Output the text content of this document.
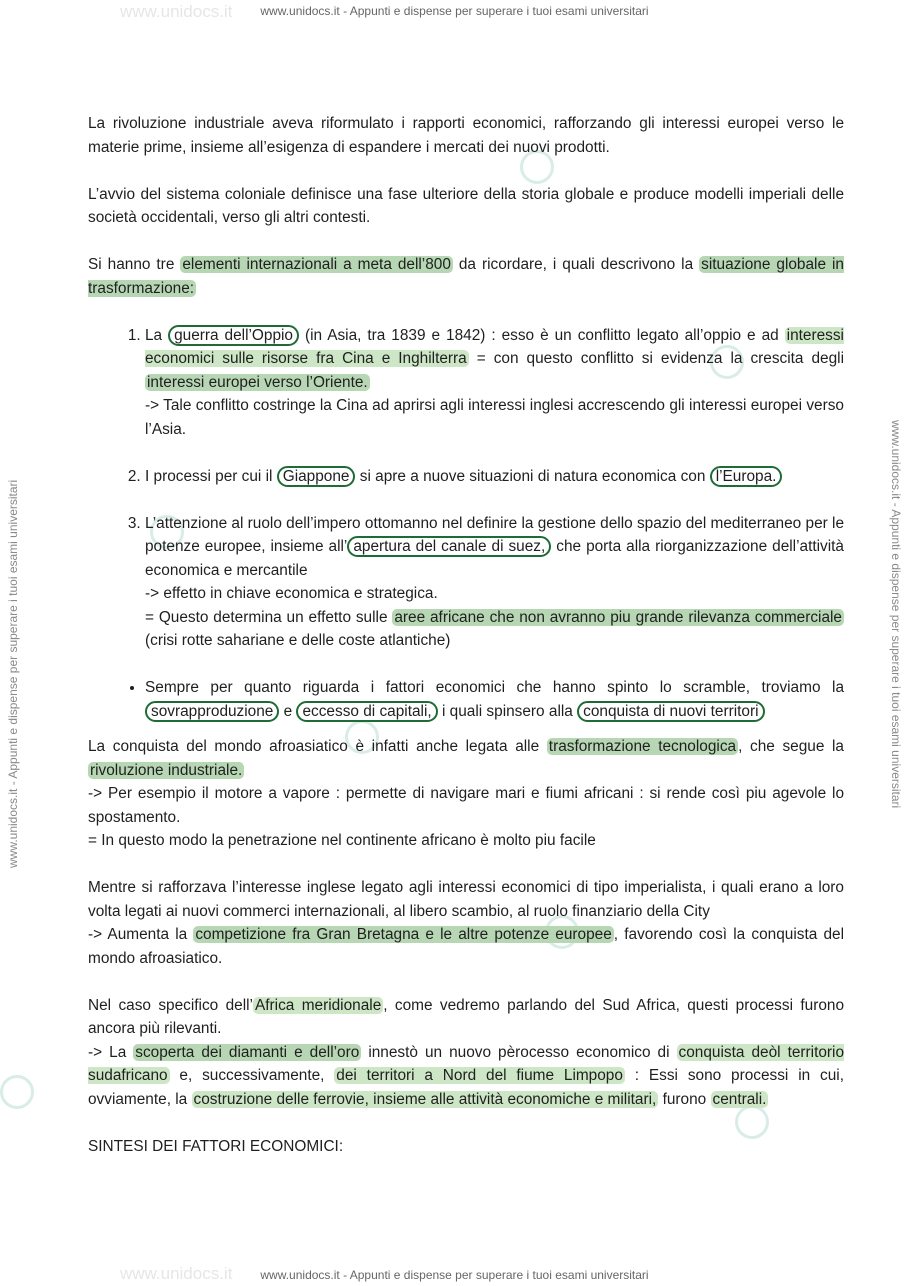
www.unidocs.it
www.unidocs.it
www.unidocs.it - Appunti e dispense per superare i tuoi esami universitari
www.unidocs.it - Appunti e dispense per superare i tuoi esami universitari
www.unidocs.it - Appunti e dispense per superare i tuoi esami universitari	www.unidocs.it - Appunti e dispense per superare i tuoi esami universitari

La rivoluzione industriale aveva riformulato i rapporti economici, rafforzando gli interessi europei verso le materie prime, insieme all’esigenza di espandere i mercati dei nuovi prodotti.

L’avvio del sistema coloniale definisce una fase ulteriore della storia globale e produce modelli imperiali delle società occidentali, verso gli altri contesti.

Si hanno tre elementi internazionali a meta dell’800 da ricordare, i quali descrivono la situazione globale in trasformazione:

1. La guerra dell’Oppio (in Asia, tra 1839 e 1842) : esso è un conflitto legato all’oppio e ad interessi economici sulle risorse fra Cina e Inghilterra = con questo conflitto si evidenza la crescita degli interessi europei verso l’Oriente.
-> Tale conflitto costringe la Cina ad aprirsi agli interessi inglesi accrescendo gli interessi europei verso l’Asia.
2. I processi per cui il Giappone si apre a nuove situazioni di natura economica con l’Europa.
3. L’attenzione al ruolo dell’impero ottomanno nel definire la gestione dello spazio del mediterraneo per le potenze europee, insieme all’ apertura del canale di suez, che porta alla riorganizzazione dell’attività economica e mercantile
-> effetto in chiave economica e strategica.
= Questo determina un effetto sulle aree africane che non avranno piu grande rilevanza commerciale (crisi rotte sahariane e delle coste atlantiche)
• Sempre per quanto riguarda i fattori economici che hanno spinto lo scramble, troviamo la sovrapproduzione e eccesso di capitali, i quali spinsero alla conquista di nuovi territori

La conquista del mondo afroasiatico è infatti anche legata alle trasformazione tecnologica , che segue la rivoluzione industriale.
-> Per esempio il motore a vapore : permette di navigare mari e fiumi africani : si rende così piu agevole lo spostamento.
= In questo modo la penetrazione nel continente africano è molto piu facile

Mentre si rafforzava l’interesse inglese legato agli interessi economici di tipo imperialista, i quali erano a loro volta legati ai nuovi commerci internazionali, al libero scambio, al ruolo finanziario della City
-> Aumenta la competizione fra Gran Bretagna e le altre potenze europee , favorendo così la conquista del mondo afroasiatico.

Nel caso specifico dell’ Africa meridionale , come vedremo parlando del Sud Africa, questi processi furono ancora più rilevanti.
-> La scoperta dei diamanti e dell’oro innestò un nuovo pèrocesso economico di conquista deòl territorio sudafricano e, successivamente, dei territori a Nord del fiume Limpopo : Essi sono processi in cui, ovviamente, la costruzione delle ferrovie, insieme alle attività economiche e militari, furono centrali.

SINTESI DEI FATTORI ECONOMICI:
